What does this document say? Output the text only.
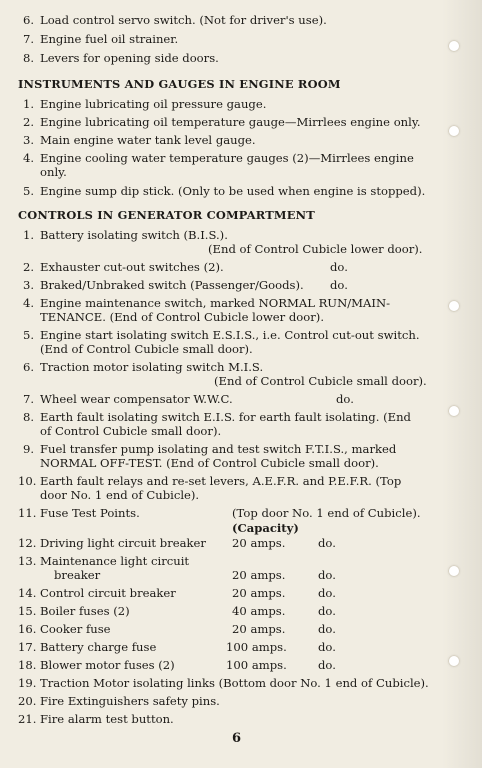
6. Load control servo switch. (Not for driver's use).
7. Engine fuel oil strainer.
8. Levers for opening side doors.
INSTRUMENTS AND GAUGES IN ENGINE ROOM
1. Engine lubricating oil pressure gauge.
2. Engine lubricating oil temperature gauge—Mirrlees engine only.
3. Main engine water tank level gauge.
4. Engine cooling water temperature gauges (2)—Mirrlees engine
only.
5. Engine sump dip stick. (Only to be used when engine is stopped).
CONTROLS IN GENERATOR COMPARTMENT
1. Battery isolating switch (B.I.S.).
(End of Control Cubicle lower door).
2. Exhauster cut-out switches (2).	do.
3. Braked/Unbraked switch (Passenger/Goods).	do.
4. Engine maintenance switch, marked NORMAL RUN/MAIN-
TENANCE. (End of Control Cubicle lower door).
5. Engine start isolating switch E.S.I.S., i.e. Control cut-out switch.
(End of Control Cubicle small door).
6. Traction motor isolating switch M.I.S.
(End of Control Cubicle small door).
7. Wheel wear compensator W.W.C.	do.
8. Earth fault isolating switch E.I.S. for earth fault isolating. (End
of Control Cubicle small door).
9. Fuel transfer pump isolating and test switch F.T.I.S., marked
NORMAL OFF-TEST. (End of Control Cubicle small door).
10. Earth fault relays and re-set levers, A.E.F.R. and P.E.F.R. (Top
door No. 1 end of Cubicle).
11. Fuse Test Points.	(Top door No. 1 end of Cubicle).
(Capacity)
12. Driving light circuit breaker	20 amps.	do.
13. Maintenance light circuit
breaker	20 amps.	do.
14. Control circuit breaker	20 amps.	do.
15. Boiler fuses (2)	40 amps.	do.
16. Cooker fuse	20 amps.	do.
17. Battery charge fuse	100 amps.	do.
18. Blower motor fuses (2)	100 amps.	do.
19. Traction Motor isolating links (Bottom door No. 1 end of Cubicle).
20. Fire Extinguishers safety pins.
21. Fire alarm test button.
6
